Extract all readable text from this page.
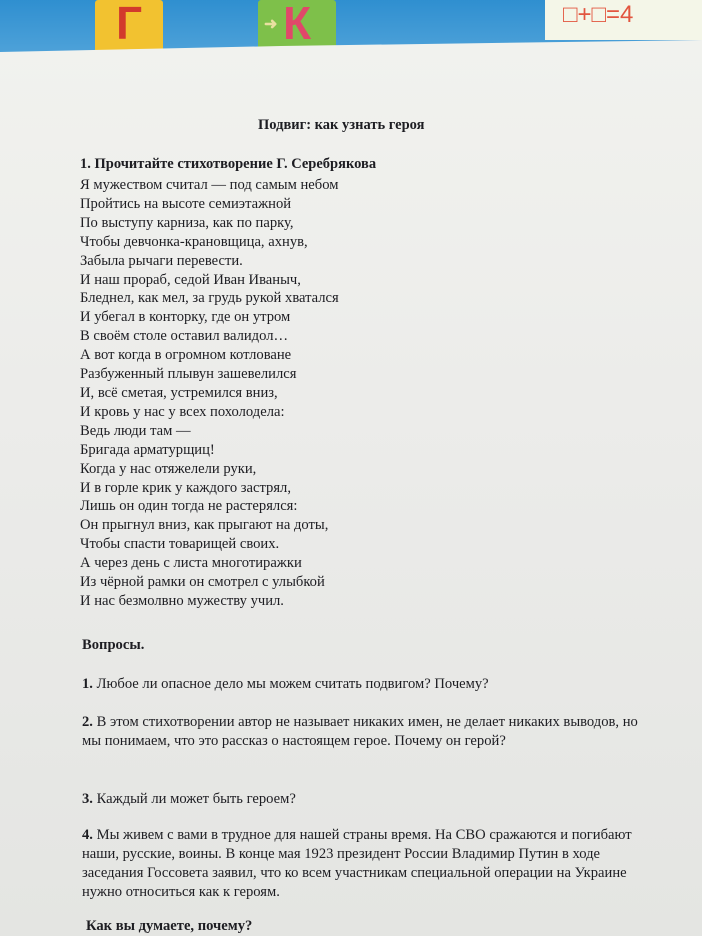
Г	➜ К	□+□=4
Подвиг: как узнать героя
1. Прочитайте стихотворение Г. Серебрякова
Я мужеством считал — под самым небом
Пройтись на высоте семиэтажной
По выступу карниза, как по парку,
Чтобы девчонка-крановщица, ахнув,
Забыла рычаги перевести.
И наш прораб, седой Иван Иваныч,
Бледнел, как мел, за грудь рукой хватался
И убегал в конторку, где он утром
В своём столе оставил валидол…
А вот когда в огромном котловане
Разбуженный плывун зашевелился
И, всё сметая, устремился вниз,
И кровь у нас у всех похолодела:
Ведь люди там —
Бригада арматурщиц!
Когда у нас отяжелели руки,
И в горле крик у каждого застрял,
Лишь он один тогда не растерялся:
Он прыгнул вниз, как прыгают на доты,
Чтобы спасти товарищей своих.
А через день с листа многотиражки
Из чёрной рамки он смотрел с улыбкой
И нас безмолвно мужеству учил.
Вопросы.
1. Любое ли опасное дело мы можем считать подвигом? Почему?
2. В этом стихотворении автор не называет никаких имен, не делает никаких выводов, но мы понимаем, что это рассказ о настоящем герое. Почему он герой?
3. Каждый ли может быть героем?
4. Мы живем с вами в трудное для нашей страны время. На СВО сражаются и погибают наши, русские, воины. В конце мая 1923 президент России Владимир Путин в ходе заседания Госсовета заявил, что ко всем участникам специальной операции на Украине нужно относиться как к героям.
Как вы думаете, почему?
